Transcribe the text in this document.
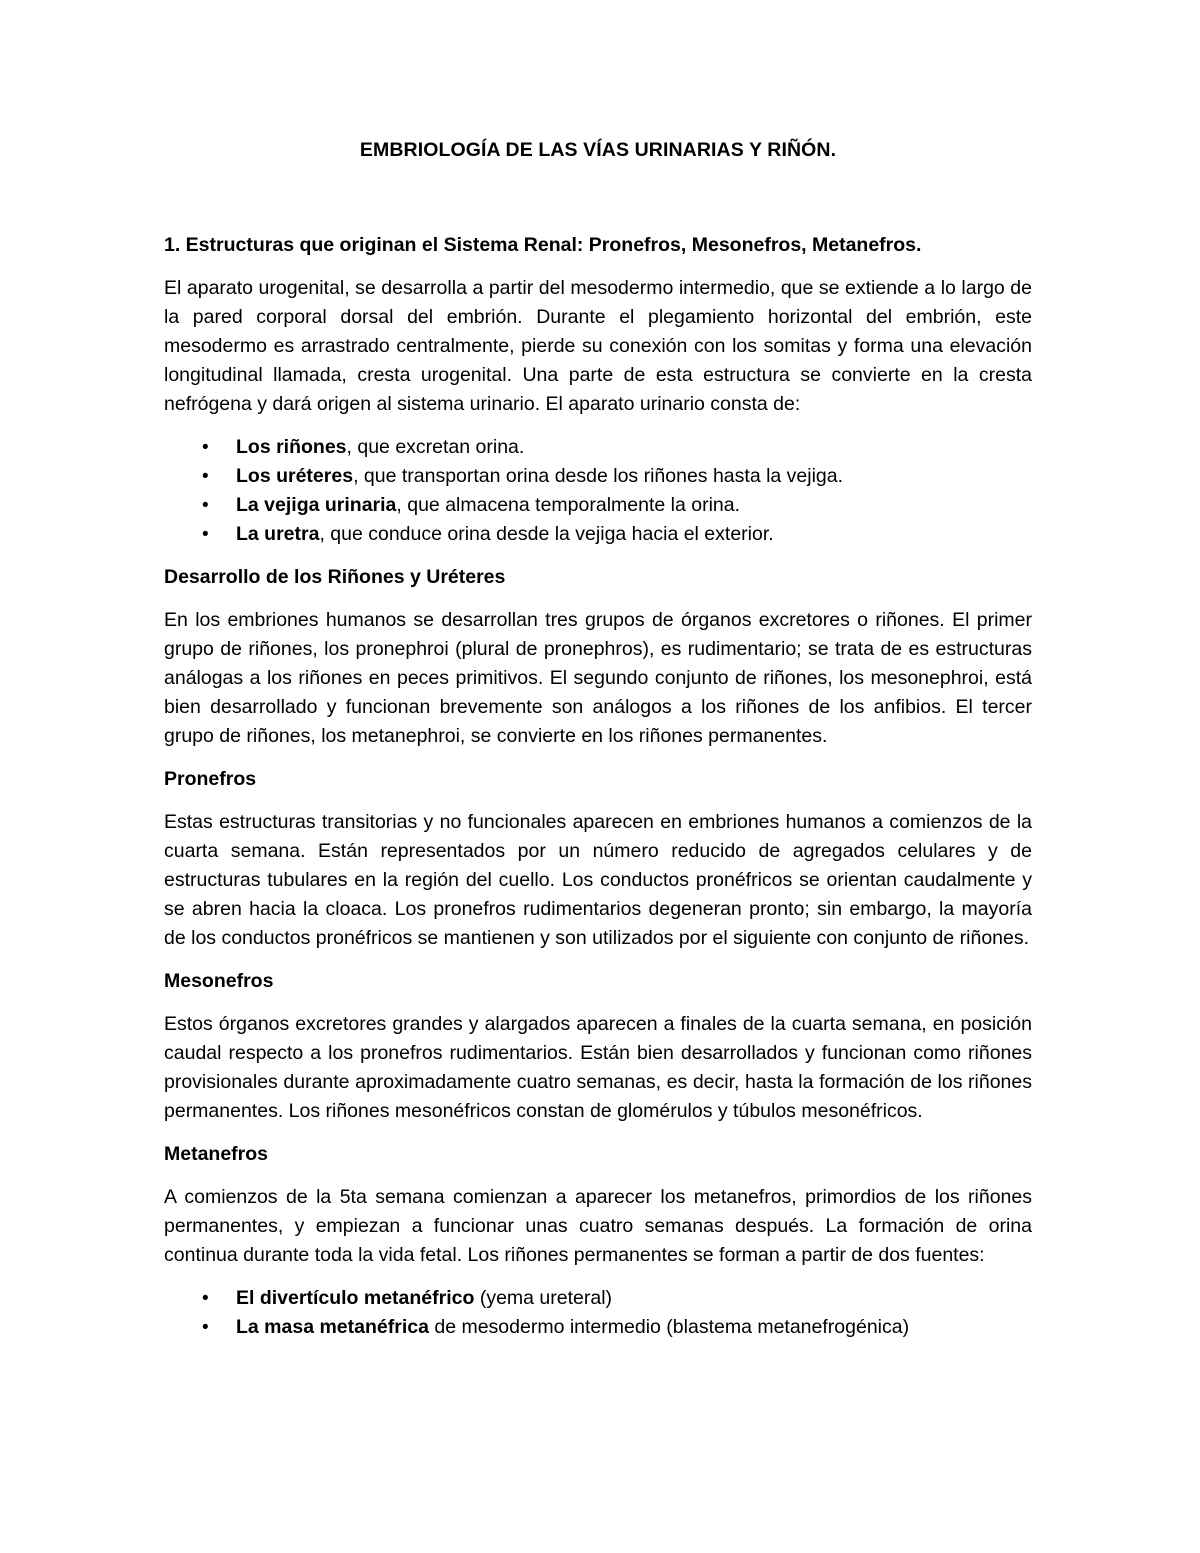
EMBRIOLOGÍA DE LAS VÍAS URINARIAS Y RIÑÓN.
1. Estructuras que originan el Sistema Renal: Pronefros, Mesonefros, Metanefros.

El aparato urogenital, se desarrolla a partir del mesodermo intermedio, que se extiende a lo largo de la pared corporal dorsal del embrión. Durante el plegamiento horizontal del embrión, este mesodermo es arrastrado centralmente, pierde su conexión con los somitas y forma una elevación longitudinal llamada, cresta urogenital. Una parte de esta estructura se convierte en la cresta nefrógena y dará origen al sistema urinario. El aparato urinario consta de:

• Los riñones, que excretan orina.
• Los uréteres, que transportan orina desde los riñones hasta la vejiga.
• La vejiga urinaria, que almacena temporalmente la orina.
• La uretra, que conduce orina desde la vejiga hacia el exterior.
Desarrollo de los Riñones y Uréteres

En los embriones humanos se desarrollan tres grupos de órganos excretores o riñones. El primer grupo de riñones, los pronephroi (plural de pronephros), es rudimentario; se trata de es estructuras análogas a los riñones en peces primitivos. El segundo conjunto de riñones, los mesonephroi, está bien desarrollado y funcionan brevemente son análogos a los riñones de los anfibios. El tercer grupo de riñones, los metanephroi, se convierte en los riñones permanentes.

Pronefros

Estas estructuras transitorias y no funcionales aparecen en embriones humanos a comienzos de la cuarta semana. Están representados por un número reducido de agregados celulares y de estructuras tubulares en la región del cuello. Los conductos pronéfricos se orientan caudalmente y se abren hacia la cloaca. Los pronefros rudimentarios degeneran pronto; sin embargo, la mayoría de los conductos pronéfricos se mantienen y son utilizados por el siguiente con conjunto de riñones.

Mesonefros

Estos órganos excretores grandes y alargados aparecen a finales de la cuarta semana, en posición caudal respecto a los pronefros rudimentarios. Están bien desarrollados y funcionan como riñones provisionales durante aproximadamente cuatro semanas, es decir, hasta la formación de los riñones permanentes. Los riñones mesonéfricos constan de glomérulos y túbulos mesonéfricos.

Metanefros

A comienzos de la 5ta semana comienzan a aparecer los metanefros, primordios de los riñones permanentes, y empiezan a funcionar unas cuatro semanas después. La formación de orina continua durante toda la vida fetal. Los riñones permanentes se forman a partir de dos fuentes:

• El divertículo metanéfrico (yema ureteral)
• La masa metanéfrica de mesodermo intermedio (blastema metanefrogénica)
